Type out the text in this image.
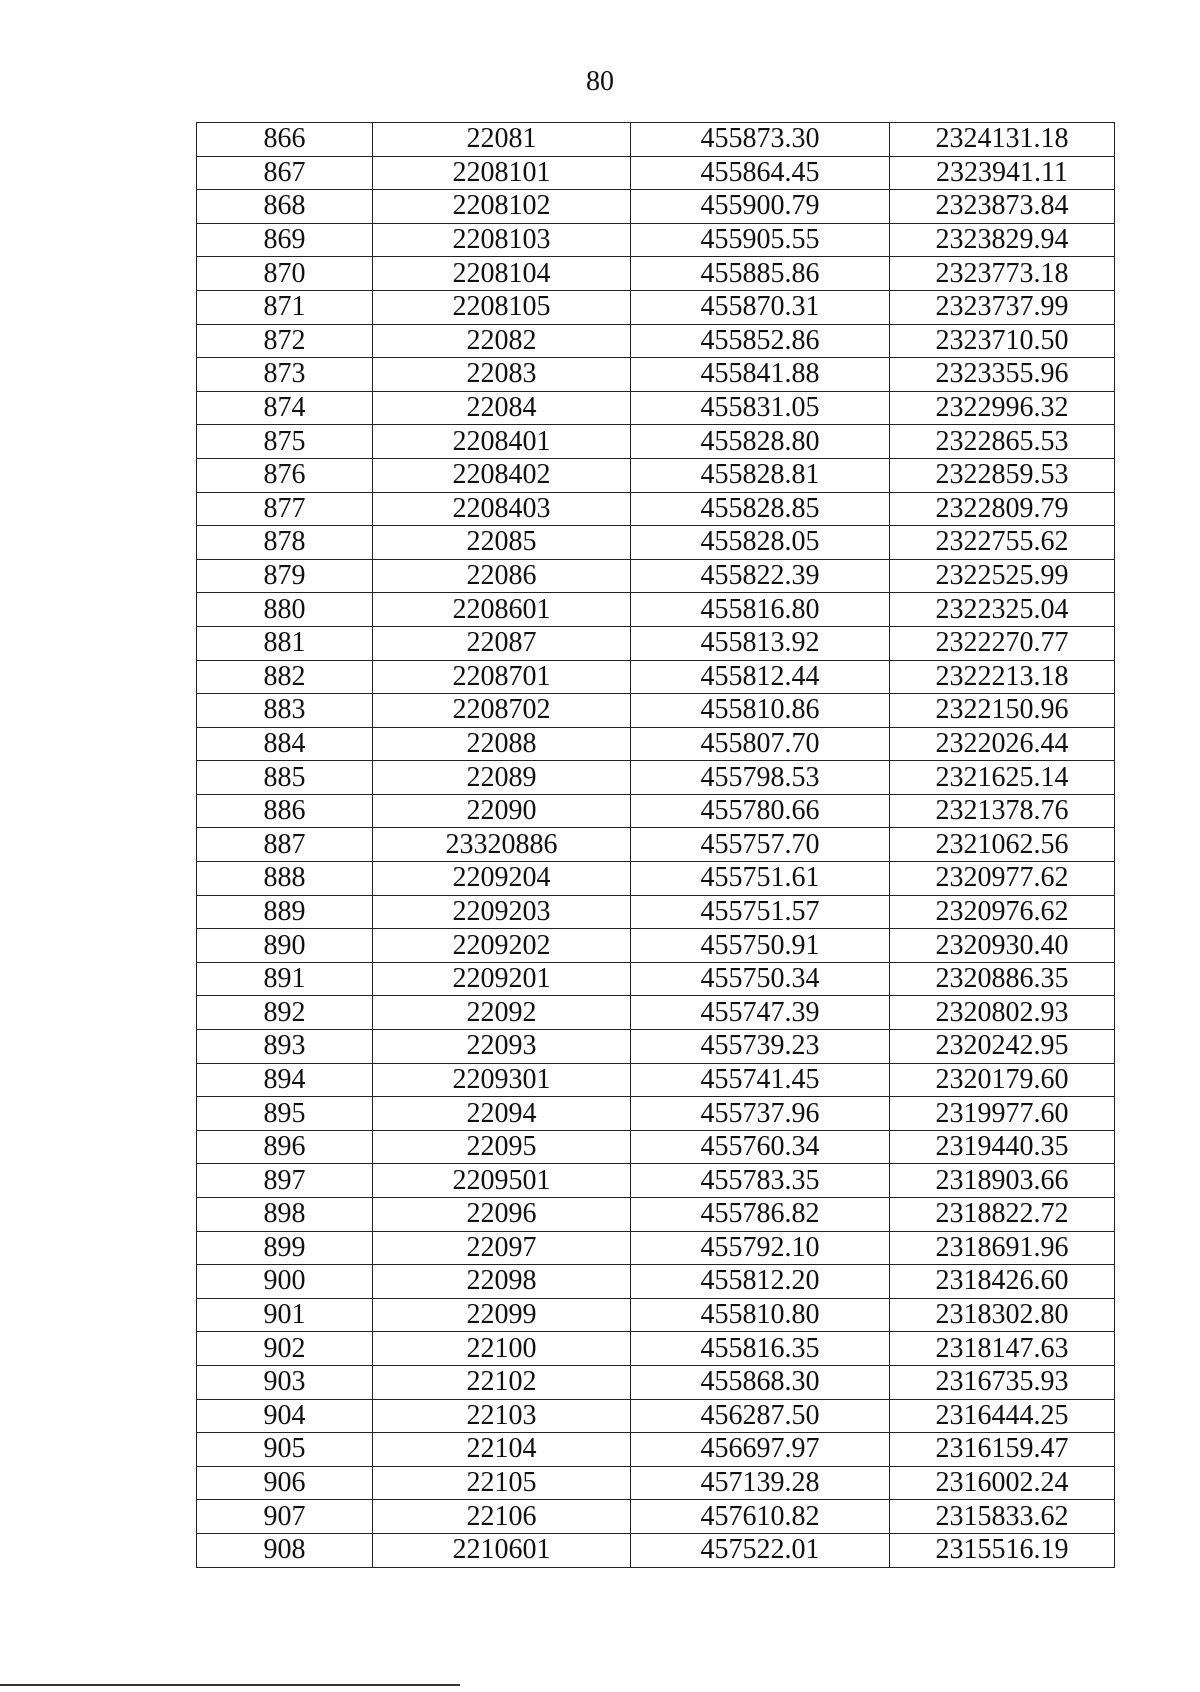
80
866	22081	455873.30	2324131.18
867	2208101	455864.45	2323941.11
868	2208102	455900.79	2323873.84
869	2208103	455905.55	2323829.94
870	2208104	455885.86	2323773.18
871	2208105	455870.31	2323737.99
872	22082	455852.86	2323710.50
873	22083	455841.88	2323355.96
874	22084	455831.05	2322996.32
875	2208401	455828.80	2322865.53
876	2208402	455828.81	2322859.53
877	2208403	455828.85	2322809.79
878	22085	455828.05	2322755.62
879	22086	455822.39	2322525.99
880	2208601	455816.80	2322325.04
881	22087	455813.92	2322270.77
882	2208701	455812.44	2322213.18
883	2208702	455810.86	2322150.96
884	22088	455807.70	2322026.44
885	22089	455798.53	2321625.14
886	22090	455780.66	2321378.76
887	23320886	455757.70	2321062.56
888	2209204	455751.61	2320977.62
889	2209203	455751.57	2320976.62
890	2209202	455750.91	2320930.40
891	2209201	455750.34	2320886.35
892	22092	455747.39	2320802.93
893	22093	455739.23	2320242.95
894	2209301	455741.45	2320179.60
895	22094	455737.96	2319977.60
896	22095	455760.34	2319440.35
897	2209501	455783.35	2318903.66
898	22096	455786.82	2318822.72
899	22097	455792.10	2318691.96
900	22098	455812.20	2318426.60
901	22099	455810.80	2318302.80
902	22100	455816.35	2318147.63
903	22102	455868.30	2316735.93
904	22103	456287.50	2316444.25
905	22104	456697.97	2316159.47
906	22105	457139.28	2316002.24
907	22106	457610.82	2315833.62
908	2210601	457522.01	2315516.19
